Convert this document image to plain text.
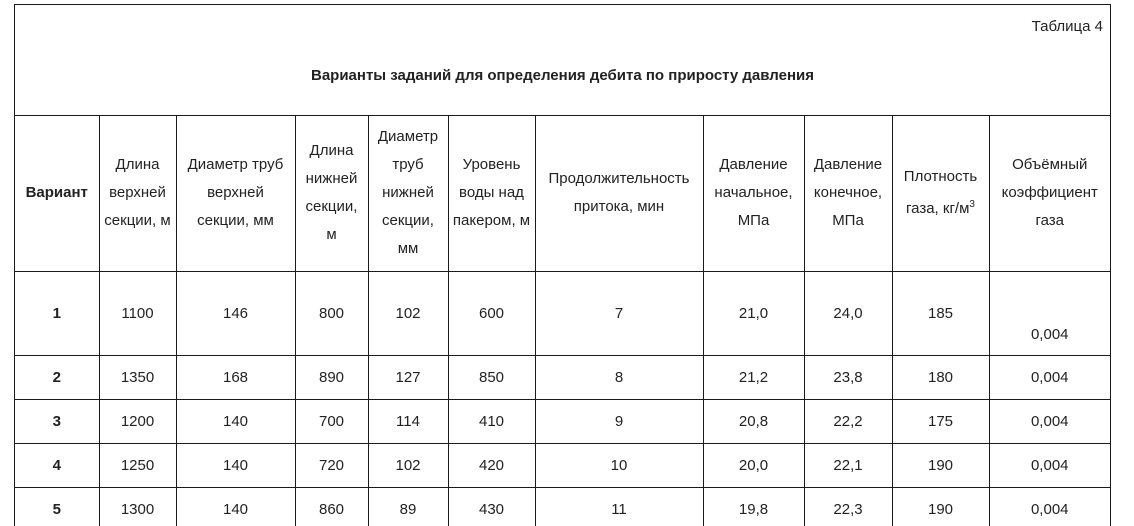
Таблица 4
Варианты заданий для определения дебита по приросту давления
Вариант	Длина верхней секции, м	Диаметр труб верхней секции, мм	Длина нижней секции, м	Диаметр труб нижней секции, мм	Уровень воды над пакером, м	Продолжительность притока, мин	Давление начальное, МПа	Давление конечное, МПа	Плотность газа, $кг/м^3$	Объёмный коэффициент газа
1	1100	146	800	102	600	7	21,0	24,0	185	0,004
2	1350	168	890	127	850	8	21,2	23,8	180	0,004
3	1200	140	700	114	410	9	20,8	22,2	175	0,004
4	1250	140	720	102	420	10	20,0	22,1	190	0,004
5	1300	140	860	89	430	11	19,8	22,3	190	0,004
